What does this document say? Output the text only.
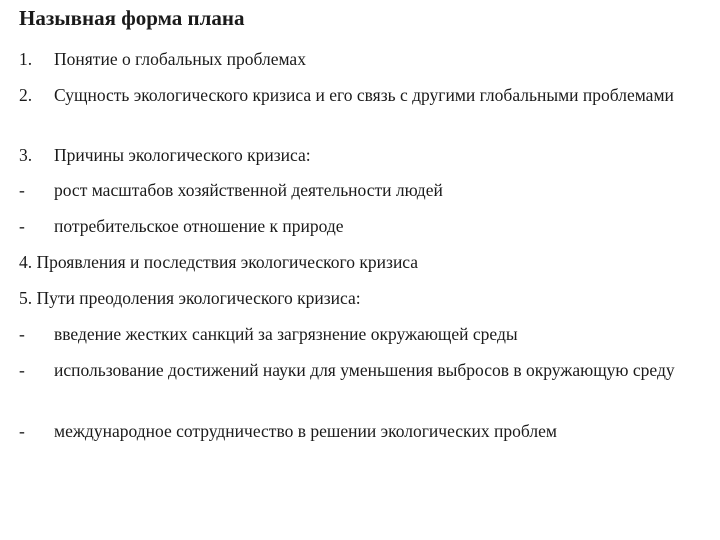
Назывная форма плана
1. Понятие о глобальных проблемах
2. Сущность экологического кризиса и его связь с другими глобальными проблемами
3. Причины экологического кризиса:
- рост масштабов хозяйственной деятельности людей
- потребительское отношение к природе
4. Проявления и последствия экологического кризиса
5. Пути преодоления экологического кризиса:
- введение жестких санкций за загрязнение окружающей среды
- использование достижений науки для уменьшения выбросов в окружающую среду
- международное сотрудничество в решении экологических проблем
